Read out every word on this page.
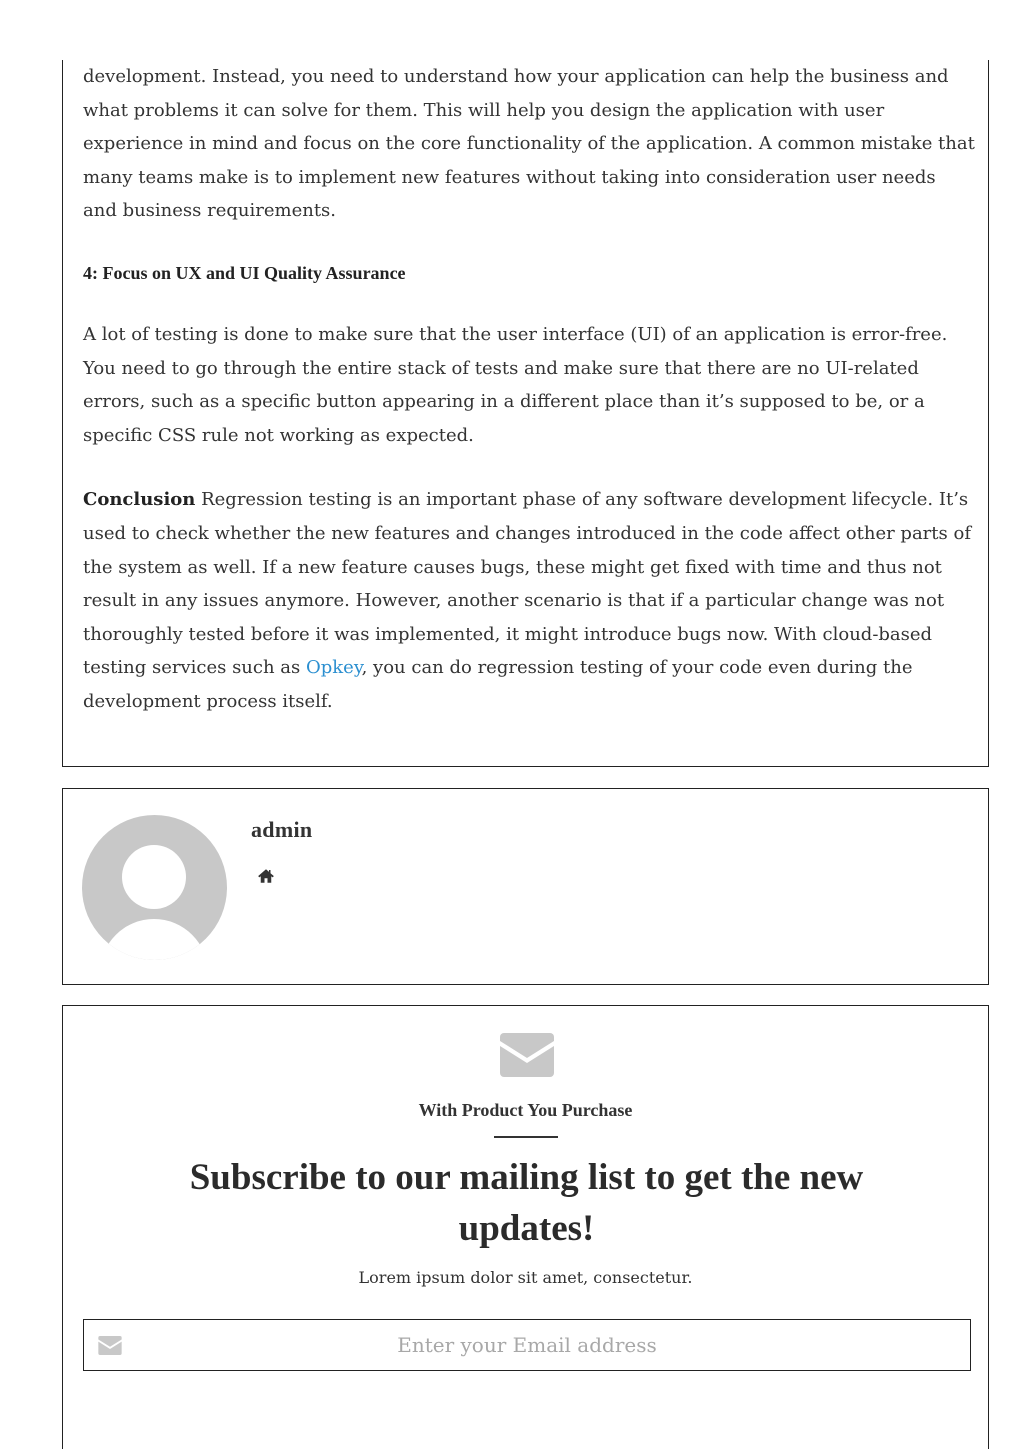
development. Instead, you need to understand how your application can help the business and what problems it can solve for them. This will help you design the application with user experience in mind and focus on the core functionality of the application. A common mistake that many teams make is to implement new features without taking into consideration user needs and business requirements.

4: Focus on UX and UI Quality Assurance

A lot of testing is done to make sure that the user interface (UI) of an application is error-free. You need to go through the entire stack of tests and make sure that there are no UI-related errors, such as a specific button appearing in a different place than it’s supposed to be, or a specific CSS rule not working as expected.

Conclusion Regression testing is an important phase of any software development lifecycle. It’s used to check whether the new features and changes introduced in the code affect other parts of the system as well. If a new feature causes bugs, these might get fixed with time and thus not result in any issues anymore. However, another scenario is that if a particular change was not thoroughly tested before it was implemented, it might introduce bugs now. With cloud-based testing services such as Opkey, you can do regression testing of your code even during the development process itself.

admin
With Product You Purchase
Subscribe to our mailing list to get the new updates!
Lorem ipsum dolor sit amet, consectetur.
Enter your Email address
